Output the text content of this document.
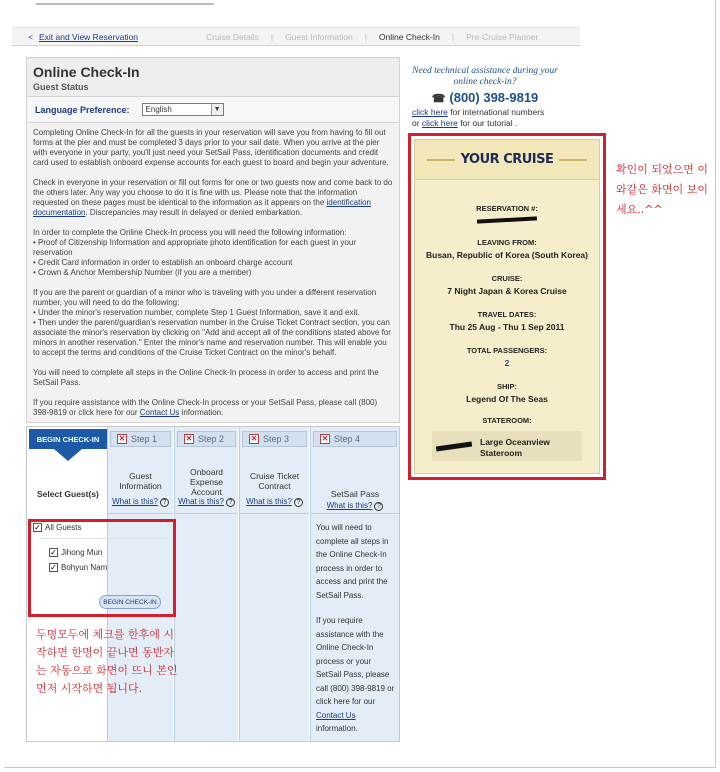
< Exit and View Reservation	Cruise Details | Guest Information | Online Check-In | Pre-Cruise Planner
Online Check-In
Guest Status
Language Preference: English	▼

Completing Online Check-In for all the guests in your reservation will save you from having to fill out forms at the pier and must be completed 3 days prior to your sail date. When you arrive at the pier with everyone in your party, you'll just need your SetSail Pass, identification documents and credit card used to establish onboard expense accounts for each guest to board and begin your adventure.

Check in everyone in your reservation or fill out forms for one or two guests now and come back to do the others later. Any way you choose to do it is fine with us. Please note that the information requested on these pages must be identical to the information as it appears on the identification documentation. Discrepancies may result in delayed or denied embarkation.

In order to complete the Online Check-In process you will need the following information:
• Proof of Citizenship Information and appropriate photo identification for each guest in your reservation
• Credit Card information in order to establish an onboard charge account
• Crown & Anchor Membership Number (if you are a member)

If you are the parent or guardian of a minor who is traveling with you under a different reservation number, you will need to do the following:
• Under the minor's reservation number, complete Step 1 Guest Information, save it and exit.
• Then under the parent/guardian's reservation number in the Cruise Ticket Contract section, you can associate the minor's reservation by clicking on "Add and accept all of the conditions stated above for minors in another reservation." Enter the minor's name and reservation number. This will enable you to accept the terms and conditions of the Cruise Ticket Contract on the minor's behalf.

You will need to complete all steps in the Online Check-In process in order to access and print the SetSail Pass.

If you require assistance with the Online Check-In process or your SetSail Pass, please call (800) 398-9819 or click here for our Contact Us information.

BEGIN CHECK-IN
Select Guest(s)
✕ Step 1
Guest Information
What is this? ?
✕ Step 2
Onboard Expense Account
What is this? ?
✕ Step 3
Cruise Ticket Contract
What is this? ?
✕ Step 4
SetSail Pass
What is this? ?

You will need to complete all steps in the Online Check-In process in order to access and print the SetSail Pass.

If you require assistance with the Online Check-In process or your SetSail Pass, please call (800) 398-9819 or click here for our Contact Us information.

✓ All Guests
✓ Jihong Mun
✓ Bohyun Nam
BEGIN CHECK-IN
두명모두에 체크를 한후에 시작하면 한명이 끝나면 동반자는 자동으로 화면이 뜨니 본인 먼저 시작하면 됩니다.
Need technical assistance during your online check-in?
☎ (800) 398-9819
click here for international numbers
or click here for our tutorial .
YOUR CRUISE
RESERVATION #:
LEAVING FROM:
Busan, Republic of Korea (South Korea)
CRUISE:
7 Night Japan & Korea Cruise
TRAVEL DATES:
Thu 25 Aug - Thu 1 Sep 2011
TOTAL PASSENGERS:
2
SHIP:
Legend Of The Seas
STATEROOM:
Large Oceanview Stateroom
확인이 되었으면 이와같은 화면이 보이세요..^^
